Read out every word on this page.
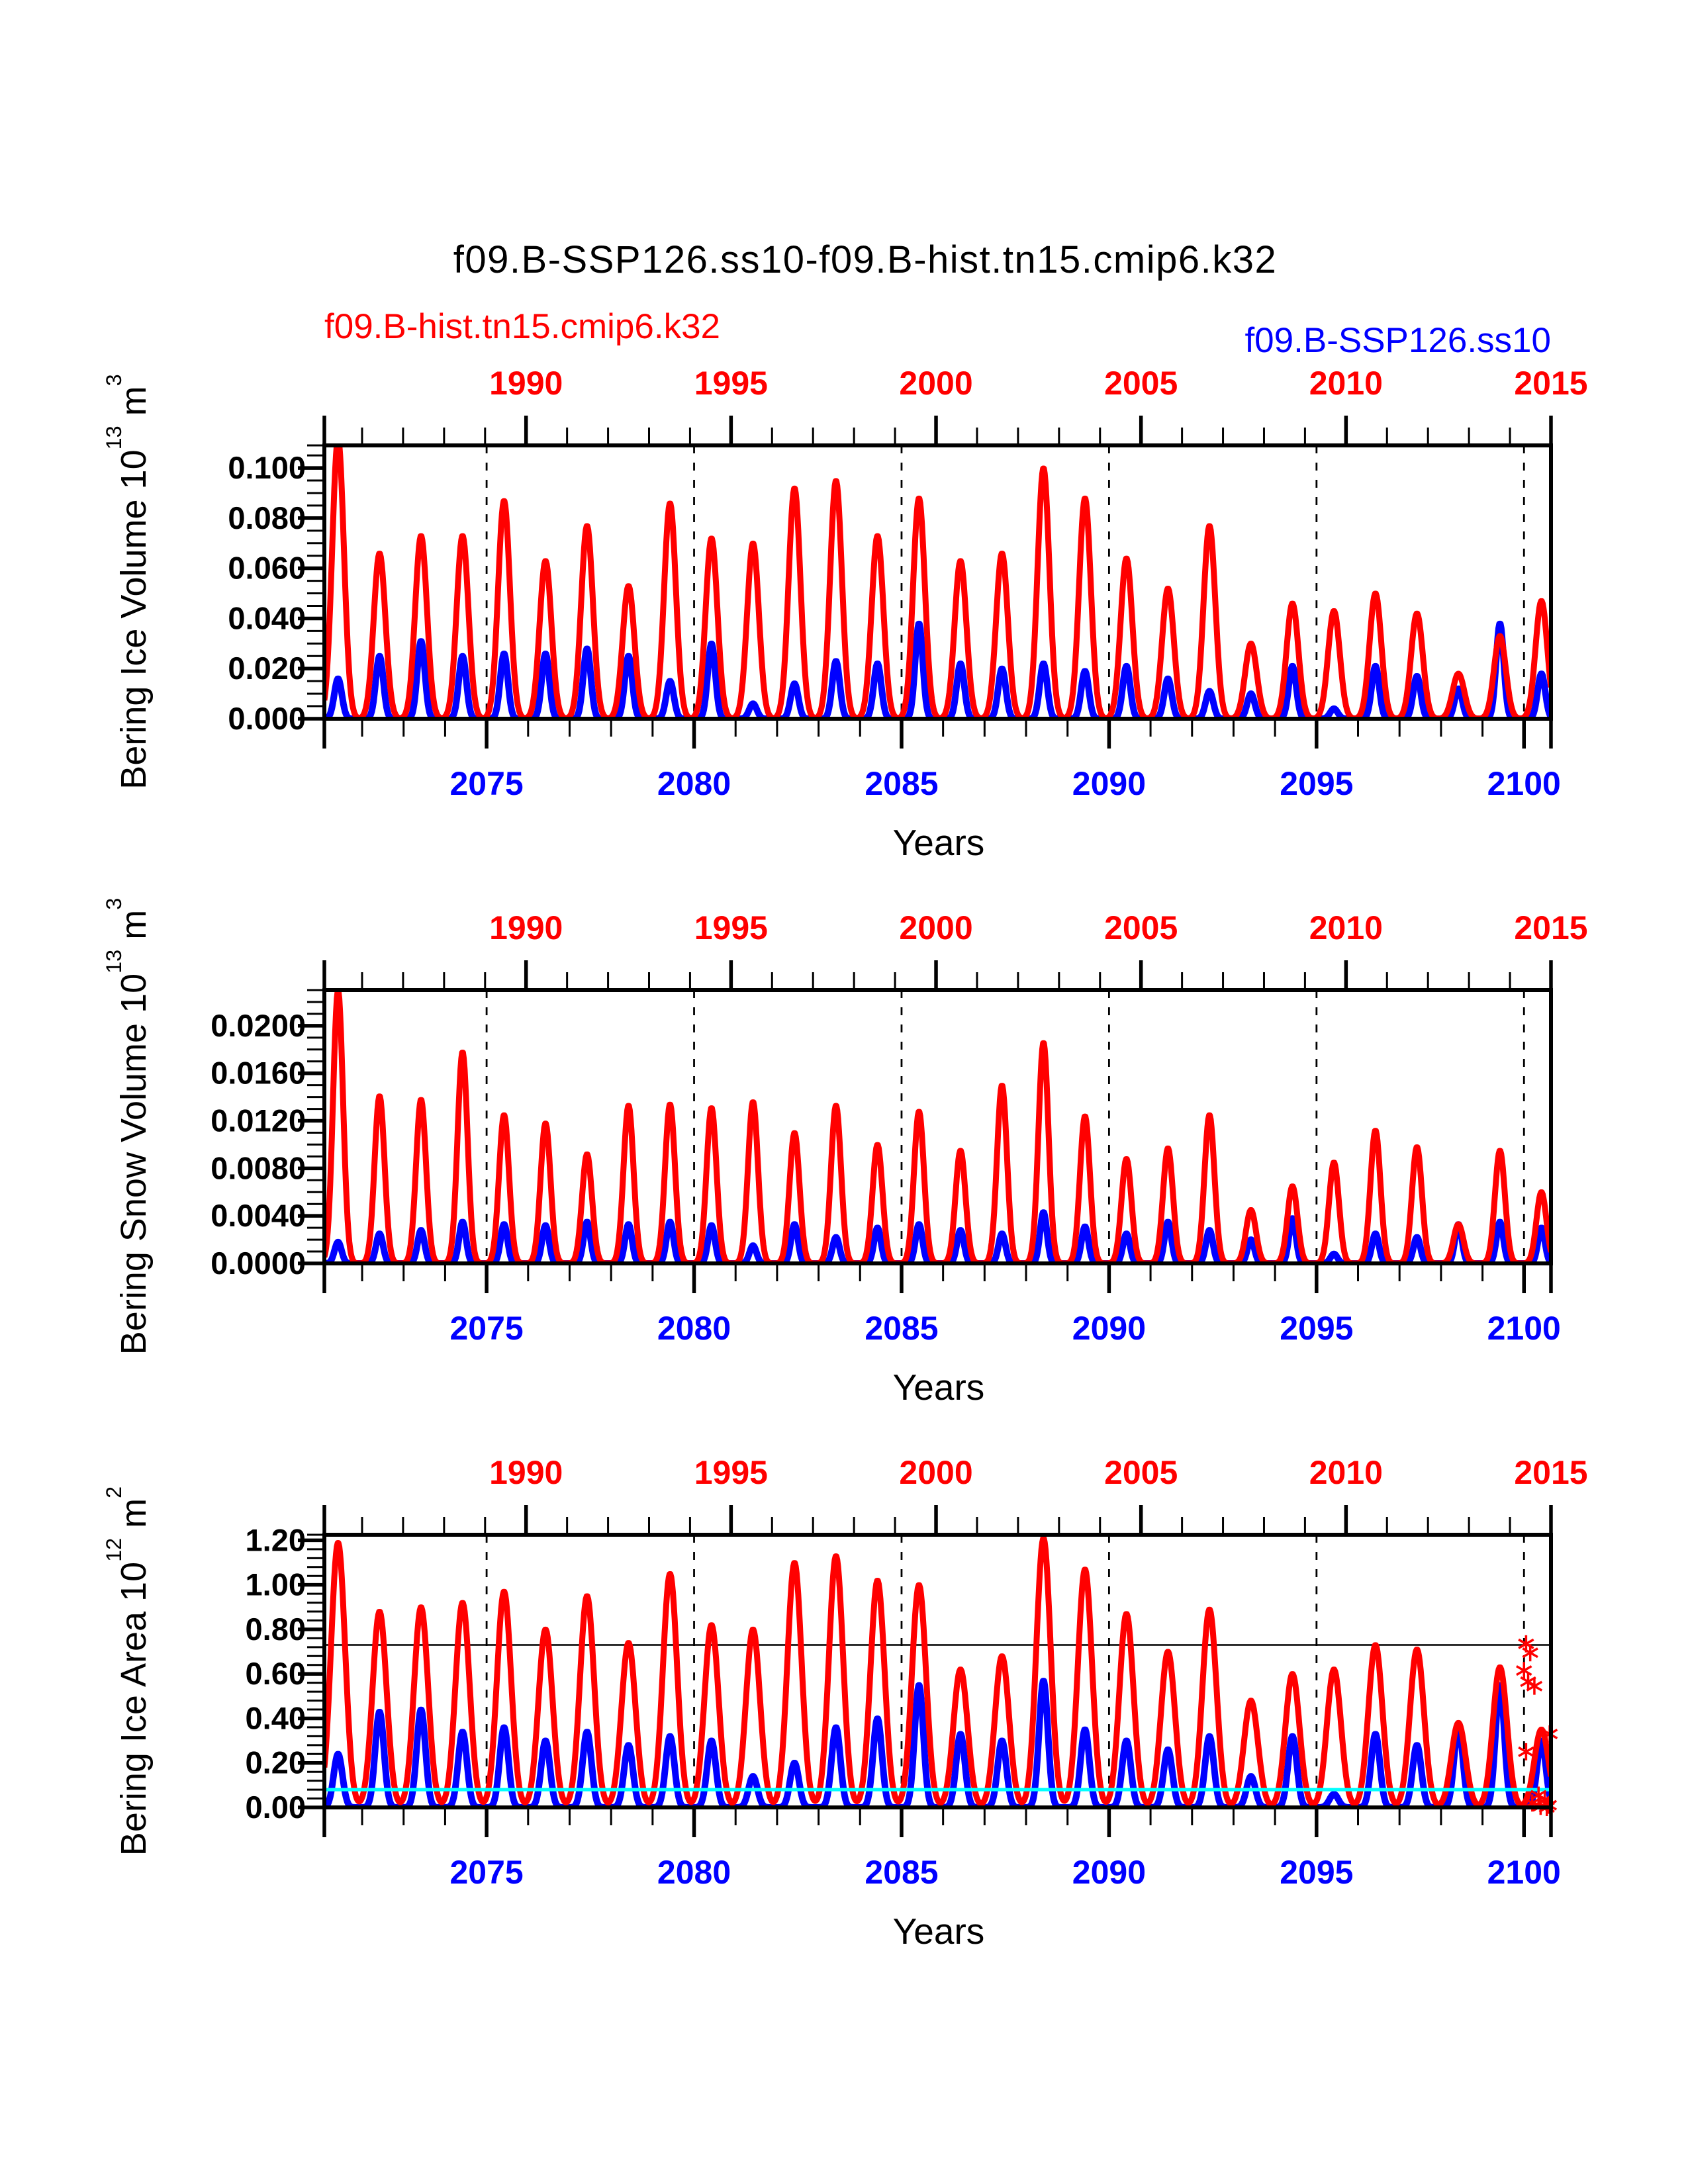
0.000
0.020
0.040
0.060
0.080
0.100
1990	1995	2000	2005	2010	2015
2075	2080	2085	2090	2095	2100
0.0000
0.0040
0.0080
0.0120
0.0160
0.0200
1990	1995	2000	2005	2010	2015
2075	2080	2085	2090	2095	2100
0.00
0.20
0.40
0.60
0.80
1.00
1.20
1990	1995	2000	2005	2010	2015
2075	2080	2085	2090	2095	2100
f09.B-SSP126.ss10-f09.B-hist.tn15.cmip6.k32
f09.B-hist.tn15.cmip6.k32	f09.B-SSP126.ss10
Bering Ice Volume $10^{13}$ $m^3$
Bering Snow Volume $10^{13}$ $m^3$
Bering Ice Area $10^{12}$ $m^2$
Years
Years
Years
